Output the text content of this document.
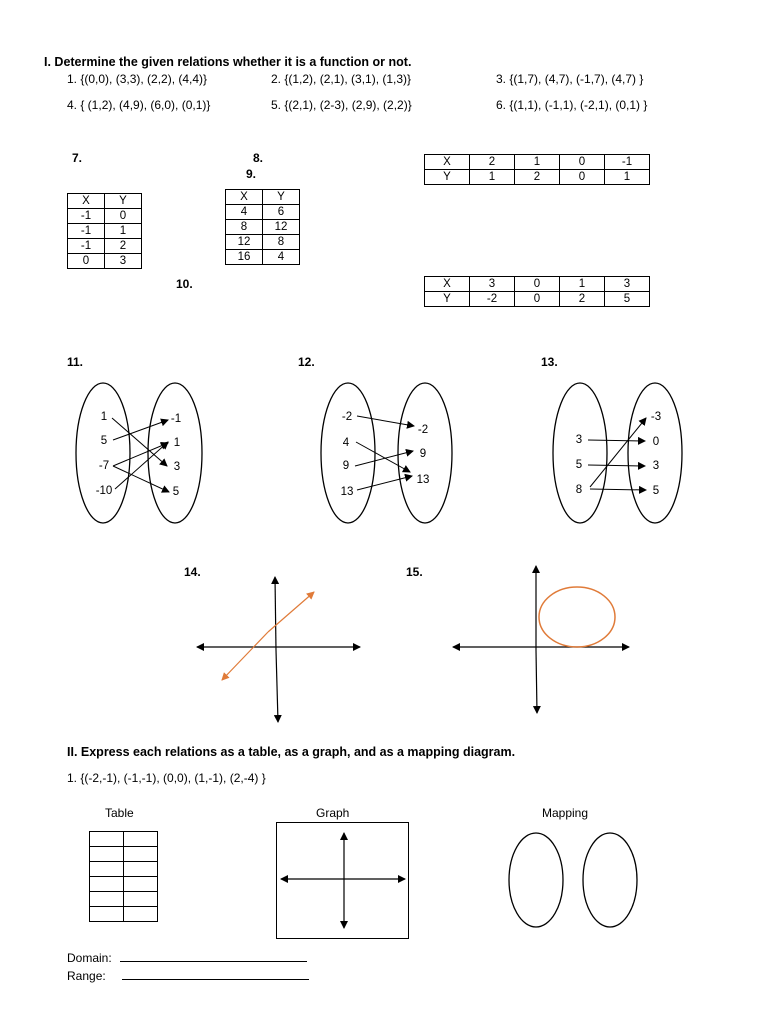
I. Determine the given relations whether it is a function or not.
1. {(0,0), (3,3), (2,2), (4,4)}	2. {(1,2), (2,1), (3,1), (1,3)}	3. {(1,7), (4,7), (-1,7), (4,7) }
4. { (1,2), (4,9), (6,0), (0,1)}	5. {(2,1), (2-3), (2,9), (2,2)}	6. {(1,1), (-1,1), (-2,1), (0,1) }
7.	8.
9.
10.
X	Y
-1	0
-1	1
-1	2
0	3
X	Y
4	6
8	12
12	8
16	4
X	2	1	0	-1
Y	1	2	0	1
X	3	0	1	3
Y	-2	0	2	5
11.	12.	13.
1
5
-7
-10
-1
1
3
5
-2
4
9
13
-2
9
13
3
5
8
-3
0
3
5
14.	15.
II. Express each relations as a table, as a graph, and as a mapping diagram.
1. {(-2,-1), (-1,-1), (0,0), (1,-1), (2,-4) }
Table	Graph	Mapping

Domain:
Range:
